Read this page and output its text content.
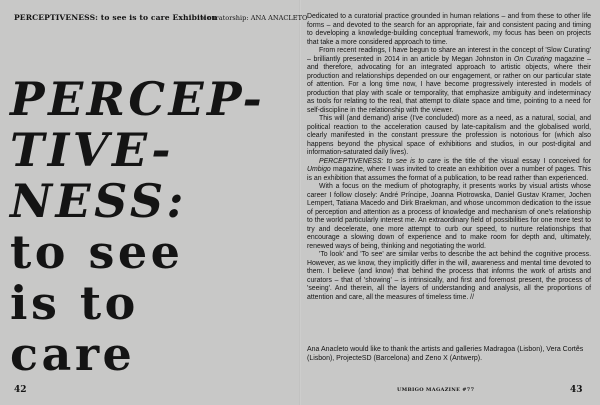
PERCEPTIVENESS: to see is to care Exhibition
> curatorship: ANA ANACLETO
PERCEP-
TIVE-
NESS:
to see
is to
care
42

Dedicated to a curatorial practice grounded in human relations – and from these to other life forms – and devoted to the search for an appropriate, fair and consistent pacing and timing to developing a knowledge-building conceptual framework, my focus has been on projects that take a more considered approach to time.

From recent readings, I have begun to share an interest in the concept of 'Slow Curating' – brilliantly presented in 2014 in an article by Megan Johnston in On Curating magazine – and therefore, advocating for an integrated approach to artistic objects, where their production and relationships depended on our engagement, or rather on our particular state of attention. For a long time now, I have become progressively interested in models of production that play with scale or temporality, that emphasize ambiguity and indeterminacy as tools for relating to the real, that attempt to dilate space and time, pointing to a need for self-discipline in the relationship with the viewer.

This will (and demand) arise (I've concluded) more as a need, as a natural, social, and political reaction to the acceleration caused by late-capitalism and the globalised world, clearly manifested in the constant pressure the profession is notorious for (which also happens beyond the physical space of exhibitions and studios, in our post-digital and information-saturated daily lives).

PERCEPTIVENESS: to see is to care is the title of the visual essay I conceived for Umbigo magazine, where I was invited to create an exhibition over a number of pages. This is an exhibition that assumes the format of a publication, to be read rather than experienced.

With a focus on the medium of photography, it presents works by visual artists whose career I follow closely: André Príncipe, Joanna Piotrowska, Daniel Gustav Kramer, Jochen Lempert, Tatiana Macedo and Dirk Braekman, and whose uncommon dedication to the issue of perception and attention as a process of knowledge and mechanism of one's relationship to the world particularly interest me. An extraordinary field of possibilities for one more test to try and decelerate, one more attempt to curb our speed, to nurture relationships that encourage a slowing down of experience and to make room for depth and, ultimately, renewed ways of being, thinking and negotiating the world.

'To look' and 'To see' are similar verbs to describe the act behind the cognitive process. However, as we know, they implicitly differ in the will, awareness and mental time devoted to them. I believe (and know) that behind the process that informs the work of artists and curators – that of 'showing' – is intrinsically, and first and foremost present, the process of 'seeing'. And therein, all the layers of understanding and analysis, all the proportions of attention and care, all the measures of timeless time. //

Ana Anacleto would like to thank the artists and galleries Madragoa (Lisbon), Vera Cortês (Lisbon), ProjecteSD (Barcelona) and Zeno X (Antwerp).

UMBIGO MAGAZINE #77	43
